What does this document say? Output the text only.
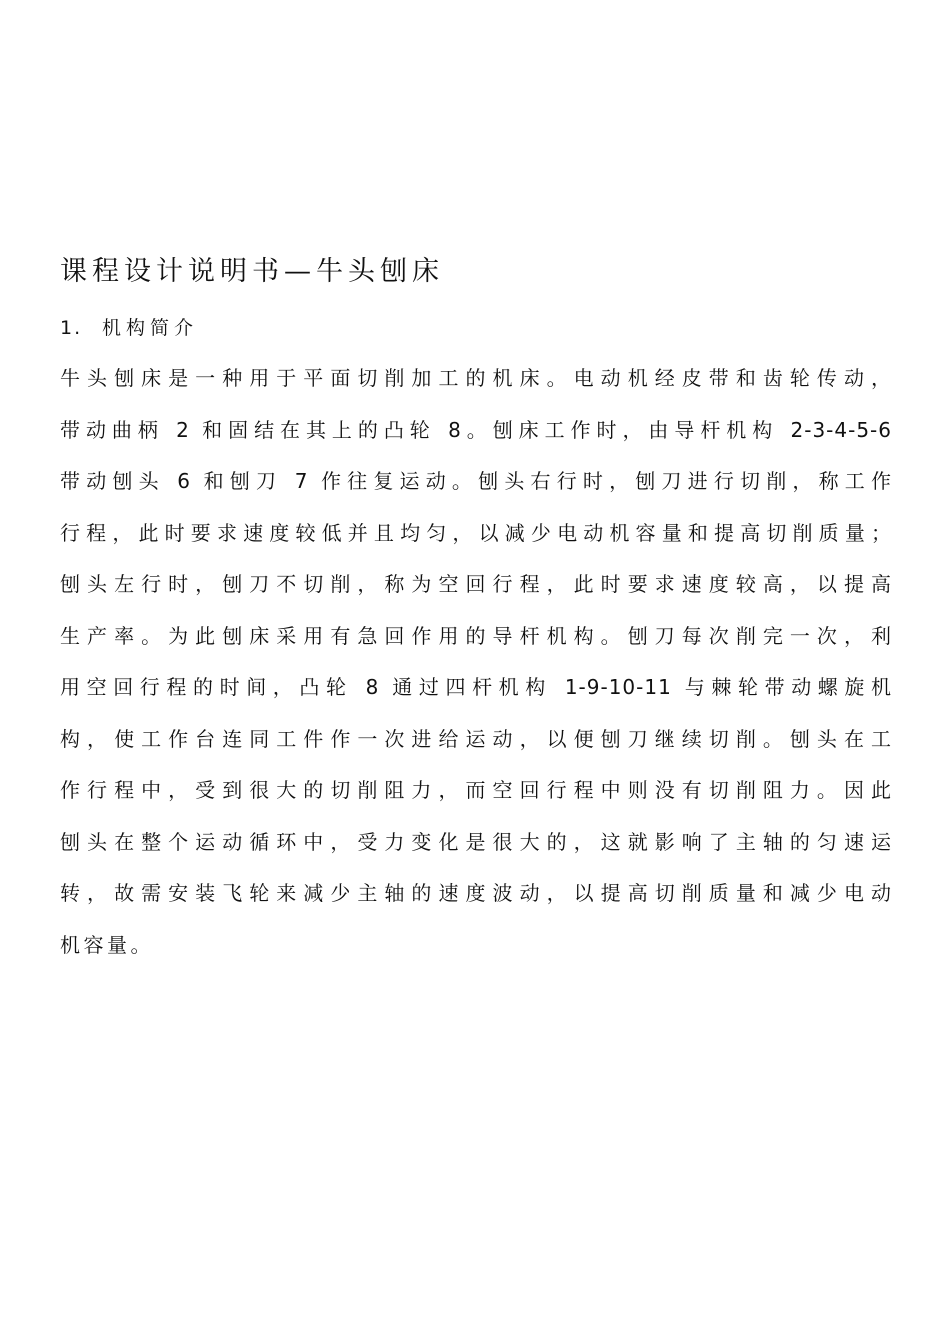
课程设计说明书—牛头刨床
1. 机构简介
牛头刨床是一种用于平面切削加工的机床。电动机经皮带和齿轮传动，
带动曲柄 2 和固结在其上的凸轮 8。刨床工作时，由导杆机构 2-3-4-5-6
带动刨头 6 和刨刀 7 作往复运动。刨头右行时，刨刀进行切削，称工作
行程，此时要求速度较低并且均匀，以减少电动机容量和提高切削质量；
刨头左行时，刨刀不切削，称为空回行程，此时要求速度较高，以提高
生产率。为此刨床采用有急回作用的导杆机构。刨刀每次削完一次，利
用空回行程的时间，凸轮 8 通过四杆机构 1-9-10-11 与棘轮带动螺旋机
构，使工作台连同工件作一次进给运动，以便刨刀继续切削。刨头在工
作行程中，受到很大的切削阻力，而空回行程中则没有切削阻力。因此
刨头在整个运动循环中，受力变化是很大的，这就影响了主轴的匀速运
转，故需安装飞轮来减少主轴的速度波动，以提高切削质量和减少电动
机容量。
